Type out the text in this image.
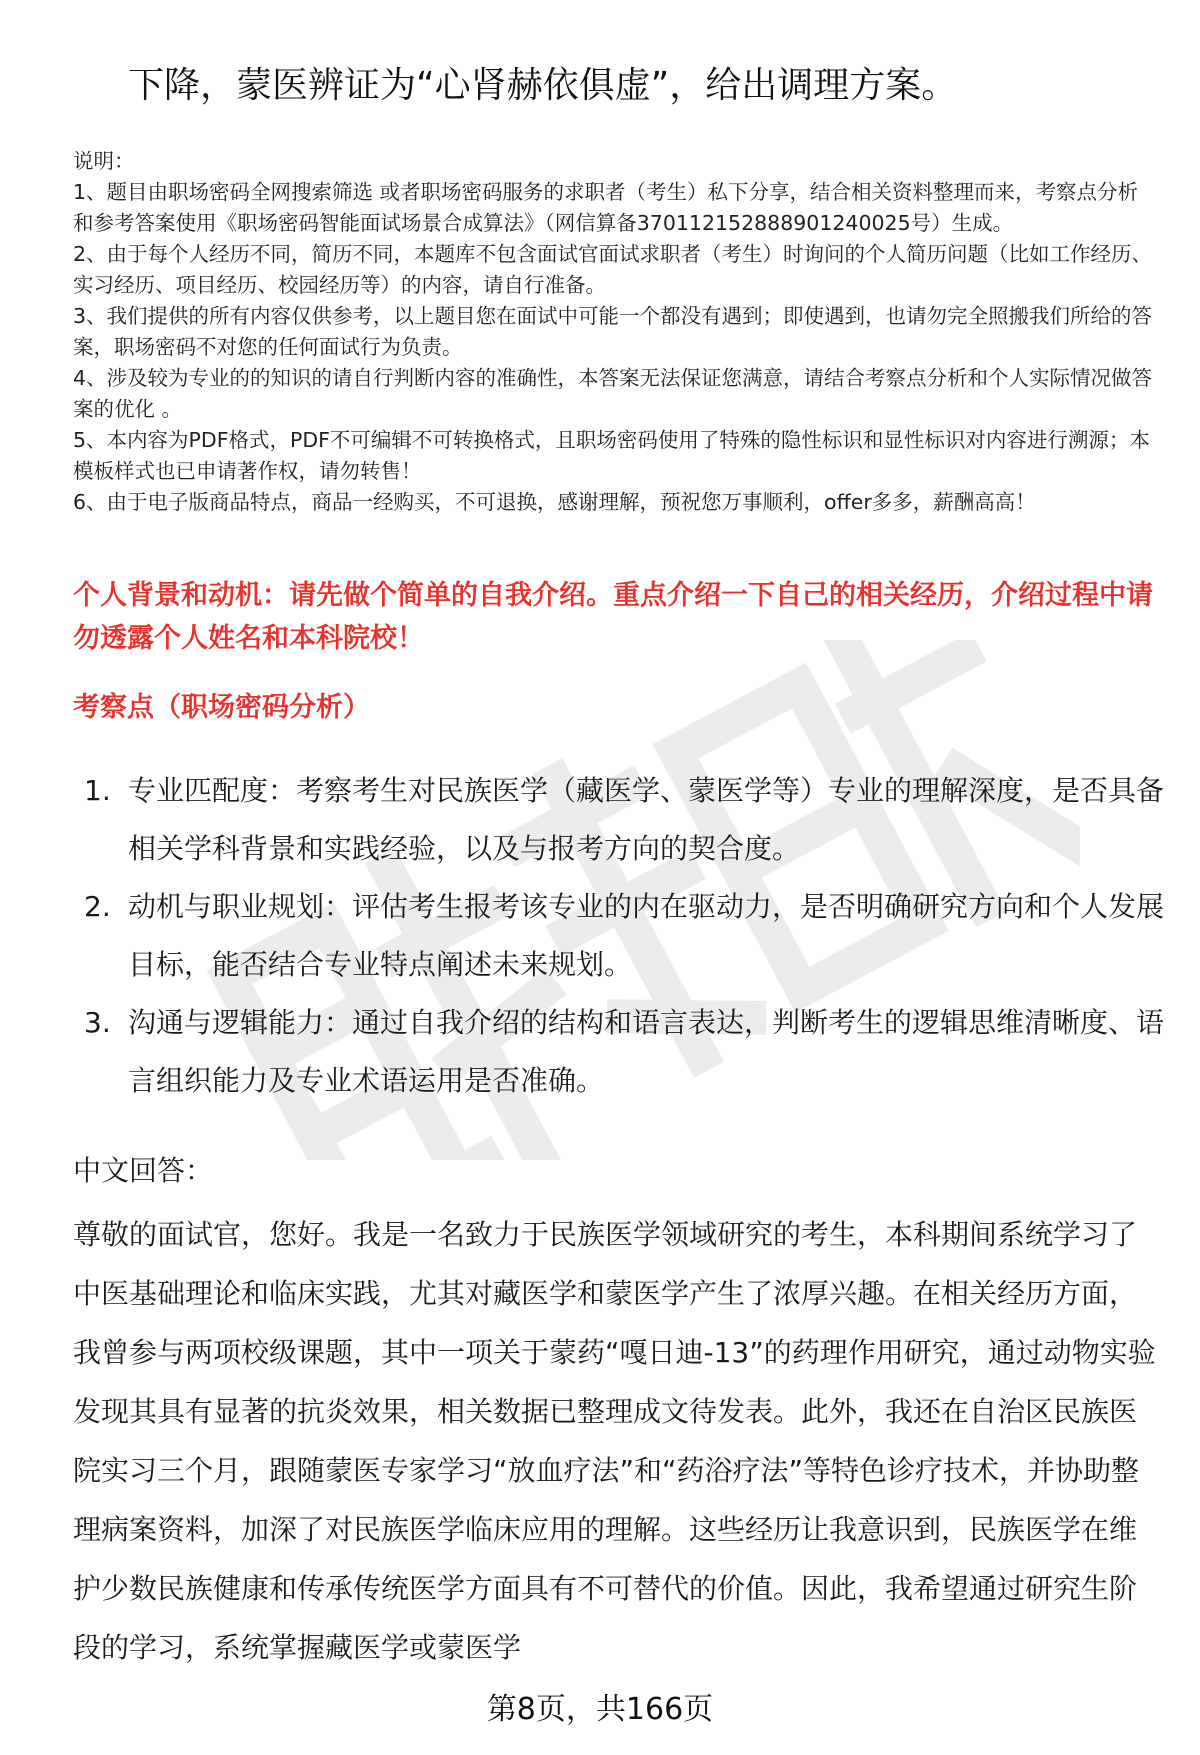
下降，蒙医辨证为“心肾赫依俱虚”，给出调理方案。

说明：

1、题目由职场密码全网搜索筛选 或者职场密码服务的求职者（考生）私下分享，结合相关资料整理而来，考察点分析和参考答案使用《职场密码智能面试场景合成算法》（网信算备370112152888901240025号）生成。

2、由于每个人经历不同，简历不同，本题库不包含面试官面试求职者（考生）时询问的个人简历问题（比如工作经历、实习经历、项目经历、校园经历等）的内容，请自行准备。

3、我们提供的所有内容仅供参考，以上题目您在面试中可能一个都没有遇到；即使遇到，也请勿完全照搬我们所给的答案，职场密码不对您的任何面试行为负责。

4、涉及较为专业的的知识的请自行判断内容的准确性，本答案无法保证您满意，请结合考察点分析和个人实际情况做答案的优化 。

5、本内容为PDF格式，PDF不可编辑不可转换格式，且职场密码使用了特殊的隐性标识和显性标识对内容进行溯源；本模板样式也已申请著作权，请勿转售！

6、由于电子版商品特点，商品一经购买，不可退换，感谢理解，预祝您万事顺利，offer多多，薪酬高高！

个人背景和动机：请先做个简单的自我介绍。重点介绍一下自己的相关经历，介绍过程中请勿透露个人姓名和本科院校！
考察点（职场密码分析）
1. 专业匹配度：考察考生对民族医学（藏医学、蒙医学等）专业的理解深度，是否具备相关学科背景和实践经验，以及与报考方向的契合度。
2. 动机与职业规划：评估考生报考该专业的内在驱动力，是否明确研究方向和个人发展目标，能否结合专业特点阐述未来规划。
3. 沟通与逻辑能力：通过自我介绍的结构和语言表达，判断考生的逻辑思维清晰度、语言组织能力及专业术语运用是否准确。
中文回答：

尊敬的面试官，您好。我是一名致力于民族医学领域研究的考生，本科期间系统学习了中医基础理论和临床实践，尤其对藏医学和蒙医学产生了浓厚兴趣。在相关经历方面，我曾参与两项校级课题，其中一项关于蒙药“嘎日迪-13”的药理作用研究，通过动物实验发现其具有显著的抗炎效果，相关数据已整理成文待发表。此外，我还在自治区民族医院实习三个月，跟随蒙医专家学习“放血疗法”和“药浴疗法”等特色诊疗技术，并协助整理病案资料，加深了对民族医学临床应用的理解。这些经历让我意识到，民族医学在维护少数民族健康和传承传统医学方面具有不可替代的价值。因此，我希望通过研究生阶段的学习，系统掌握藏医学或蒙医学

第8页，共166页
